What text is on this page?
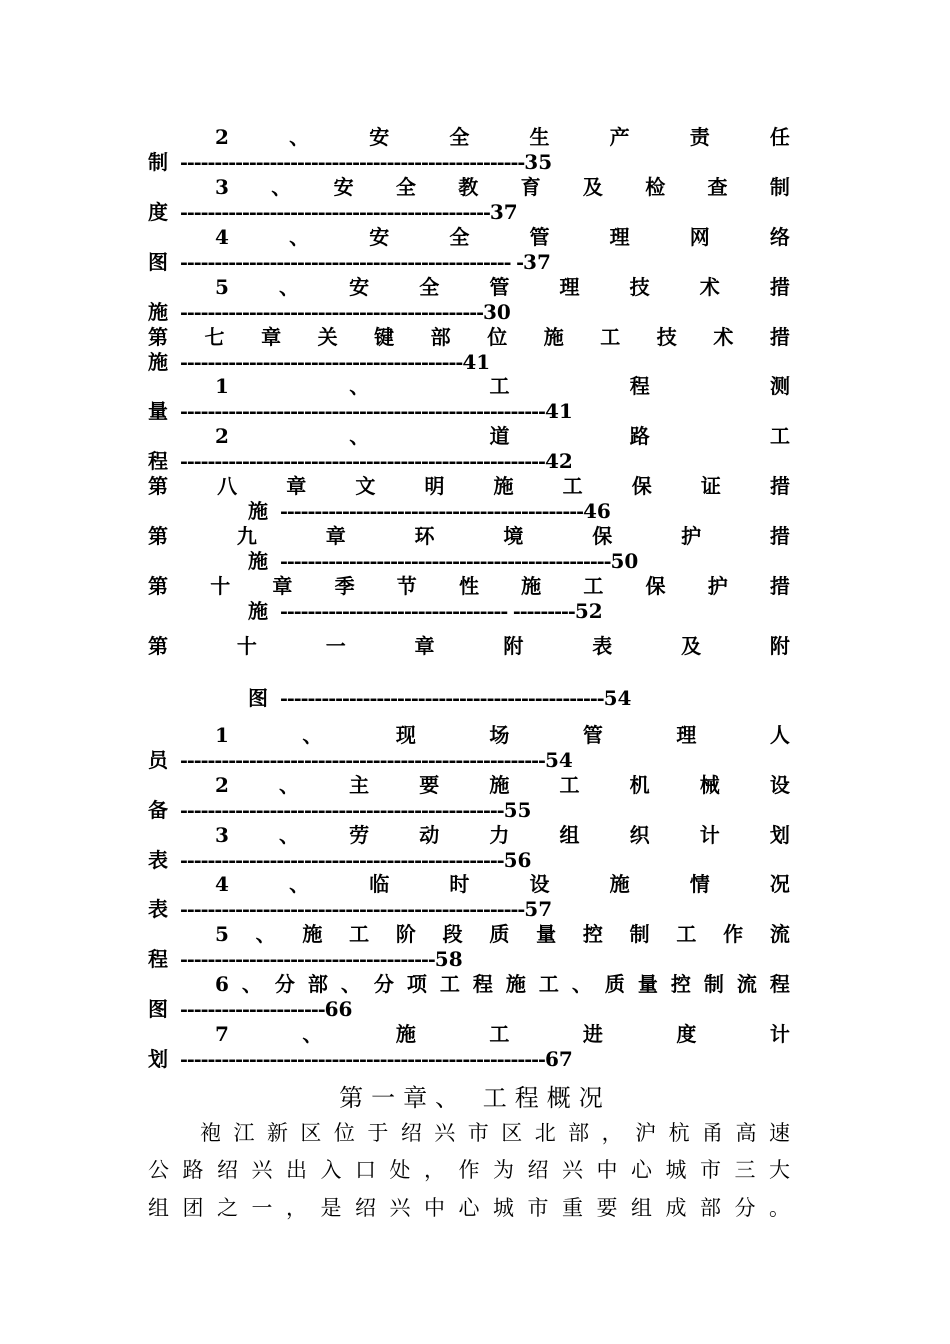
2	、	安	全	生	产	责	任
制 --------------------------------------------------35
3 、 安 全 教 育 及 检 查 制
度 ---------------------------------------------37
4	、	安	全	管	理	网	络
图 ------------------------------------------------ -37
5	、	安	全	管	理	技	术	措
施 --------------------------------------------30
第 七 章 关 键 部 位 施 工 技 术 措
施 -----------------------------------------41
1	、	工	程	测
量 -----------------------------------------------------41
2	、	道	路	工
程 -----------------------------------------------------42
第 八 章 文 明 施 工 保 证 措
施 --------------------------------------------46
第	九	章	环	境	保	护	措
施 ------------------------------------------------50
第 十 章 季 节 性 施 工 保 护 措
施 --------------------------------- ---------52
第	十	一	章	附	表	及	附
图 -----------------------------------------------54
1	、	现	场	管	理	人
员 -----------------------------------------------------54
2	、	主	要	施	工	机	械	设
备 -----------------------------------------------55
3	、	劳	动	力	组	织	计	划
表 -----------------------------------------------56
4	、	临	时	设	施	情	况
表 --------------------------------------------------57
5 、 施 工 阶 段 质 量 控 制 工 作 流
程 -------------------------------------58
6 、 分 部 、 分 项 工 程 施 工 、 质 量 控 制 流 程
图 ---------------------66
7	、	施	工	进	度	计
划 -----------------------------------------------------67
第一章、 工程概况
袍 江 新 区 位 于 绍 兴 市 区 北 部 ， 沪 杭 甬 高 速
公 路 绍 兴 出 入 口 处 ， 作 为 绍 兴 中 心 城 市 三 大
组 团 之 一 ， 是 绍 兴 中 心 城 市 重 要 组 成 部 分 。
